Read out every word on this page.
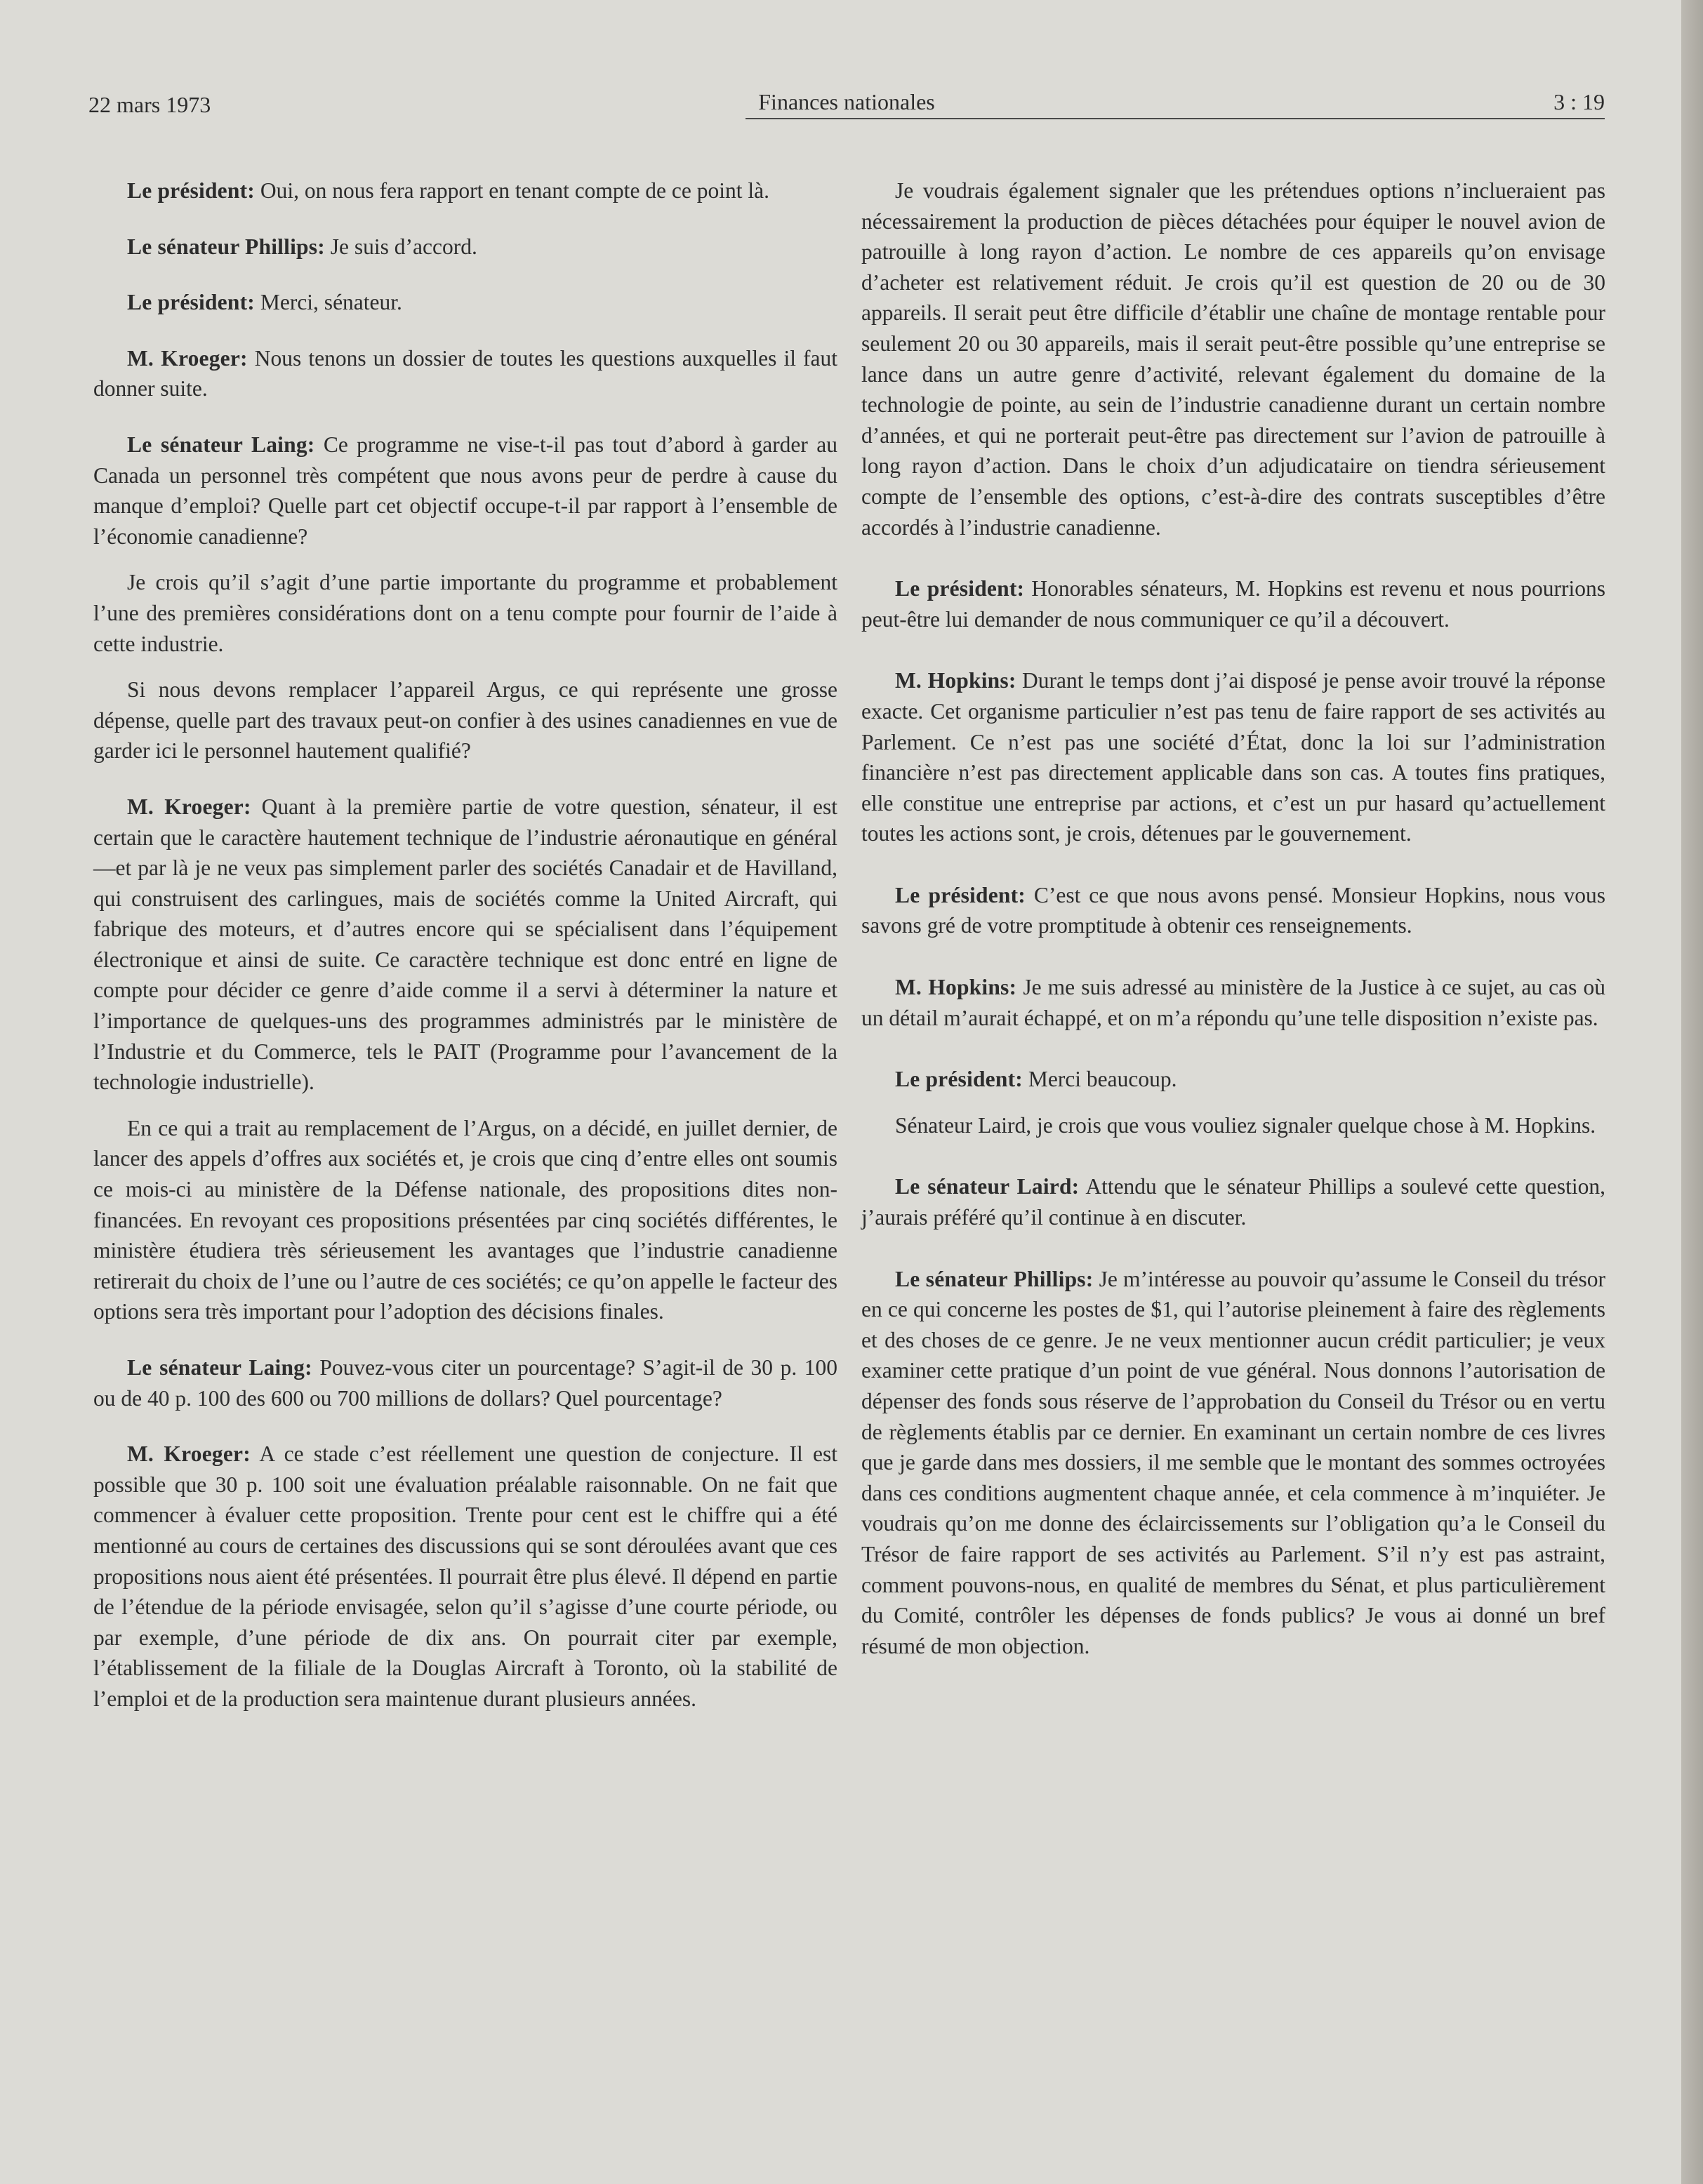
22 mars 1973	Finances nationales	3 : 19

Le président: Oui, on nous fera rapport en tenant compte de ce point là.

Le sénateur Phillips: Je suis d’accord.

Le président: Merci, sénateur.

M. Kroeger: Nous tenons un dossier de toutes les questions auxquelles il faut donner suite.

Le sénateur Laing: Ce programme ne vise-t-il pas tout d’abord à garder au Canada un personnel très compétent que nous avons peur de perdre à cause du manque d’emploi? Quelle part cet objectif occupe-t-il par rapport à l’ensemble de l’économie canadienne?

Je crois qu’il s’agit d’une partie importante du programme et probablement l’une des premières considérations dont on a tenu compte pour fournir de l’aide à cette industrie.

Si nous devons remplacer l’appareil Argus, ce qui représente une grosse dépense, quelle part des travaux peut-on confier à des usines canadiennes en vue de garder ici le personnel hautement qualifié?

M. Kroeger: Quant à la première partie de votre question, sénateur, il est certain que le caractère hautement technique de l’industrie aéronautique en général—et par là je ne veux pas simplement parler des sociétés Canadair et de Havilland, qui construisent des carlingues, mais de sociétés comme la United Aircraft, qui fabrique des moteurs, et d’autres encore qui se spécialisent dans l’équipement électronique et ainsi de suite. Ce caractère technique est donc entré en ligne de compte pour décider ce genre d’aide comme il a servi à déterminer la nature et l’importance de quelques-uns des programmes administrés par le ministère de l’Industrie et du Commerce, tels le PAIT (Programme pour l’avancement de la technologie industrielle).

En ce qui a trait au remplacement de l’Argus, on a décidé, en juillet dernier, de lancer des appels d’offres aux sociétés et, je crois que cinq d’entre elles ont soumis ce mois-ci au ministère de la Défense nationale, des propositions dites non-financées. En revoyant ces propositions présentées par cinq sociétés différentes, le ministère étudiera très sérieusement les avantages que l’industrie canadienne retirerait du choix de l’une ou l’autre de ces sociétés; ce qu’on appelle le facteur des options sera très important pour l’adoption des décisions finales.

Le sénateur Laing: Pouvez-vous citer un pourcentage? S’agit-il de 30 p. 100 ou de 40 p. 100 des 600 ou 700 millions de dollars? Quel pourcentage?

M. Kroeger: A ce stade c’est réellement une question de conjecture. Il est possible que 30 p. 100 soit une évaluation préalable raisonnable. On ne fait que commencer à évaluer cette proposition. Trente pour cent est le chiffre qui a été mentionné au cours de certaines des discussions qui se sont déroulées avant que ces propositions nous aient été présentées. Il pourrait être plus élevé. Il dépend en partie de l’étendue de la période envisagée, selon qu’il s’agisse d’une courte période, ou par exemple, d’une période de dix ans. On pourrait citer par exemple, l’établissement de la filiale de la Douglas Aircraft à Toronto, où la stabilité de l’emploi et de la production sera maintenue durant plusieurs années.

Je voudrais également signaler que les prétendues options n’inclueraient pas nécessairement la production de pièces détachées pour équiper le nouvel avion de patrouille à long rayon d’action. Le nombre de ces appareils qu’on envisage d’acheter est relativement réduit. Je crois qu’il est question de 20 ou de 30 appareils. Il serait peut être difficile d’établir une chaîne de montage rentable pour seulement 20 ou 30 appareils, mais il serait peut-être possible qu’une entreprise se lance dans un autre genre d’activité, relevant également du domaine de la technologie de pointe, au sein de l’industrie canadienne durant un certain nombre d’années, et qui ne porterait peut-être pas directement sur l’avion de patrouille à long rayon d’action. Dans le choix d’un adjudicataire on tiendra sérieusement compte de l’ensemble des options, c’est-à-dire des contrats susceptibles d’être accordés à l’industrie canadienne.

Le président: Honorables sénateurs, M. Hopkins est revenu et nous pourrions peut-être lui demander de nous communiquer ce qu’il a découvert.

M. Hopkins: Durant le temps dont j’ai disposé je pense avoir trouvé la réponse exacte. Cet organisme particulier n’est pas tenu de faire rapport de ses activités au Parlement. Ce n’est pas une société d’État, donc la loi sur l’administration financière n’est pas directement applicable dans son cas. A toutes fins pratiques, elle constitue une entreprise par actions, et c’est un pur hasard qu’actuellement toutes les actions sont, je crois, détenues par le gouvernement.

Le président: C’est ce que nous avons pensé. Monsieur Hopkins, nous vous savons gré de votre promptitude à obtenir ces renseignements.

M. Hopkins: Je me suis adressé au ministère de la Justice à ce sujet, au cas où un détail m’aurait échappé, et on m’a répondu qu’une telle disposition n’existe pas.

Le président: Merci beaucoup.

Sénateur Laird, je crois que vous vouliez signaler quelque chose à M. Hopkins.

Le sénateur Laird: Attendu que le sénateur Phillips a soulevé cette question, j’aurais préféré qu’il continue à en discuter.

Le sénateur Phillips: Je m’intéresse au pouvoir qu’assume le Conseil du trésor en ce qui concerne les postes de $1, qui l’autorise pleinement à faire des règlements et des choses de ce genre. Je ne veux mentionner aucun crédit particulier; je veux examiner cette pratique d’un point de vue général. Nous donnons l’autorisation de dépenser des fonds sous réserve de l’approbation du Conseil du Trésor ou en vertu de règlements établis par ce dernier. En examinant un certain nombre de ces livres que je garde dans mes dossiers, il me semble que le montant des sommes octroyées dans ces conditions augmentent chaque année, et cela commence à m’inquiéter. Je voudrais qu’on me donne des éclaircissements sur l’obligation qu’a le Conseil du Trésor de faire rapport de ses activités au Parlement. S’il n’y est pas astraint, comment pouvons-nous, en qualité de membres du Sénat, et plus particulièrement du Comité, contrôler les dépenses de fonds publics? Je vous ai donné un bref résumé de mon objection.
